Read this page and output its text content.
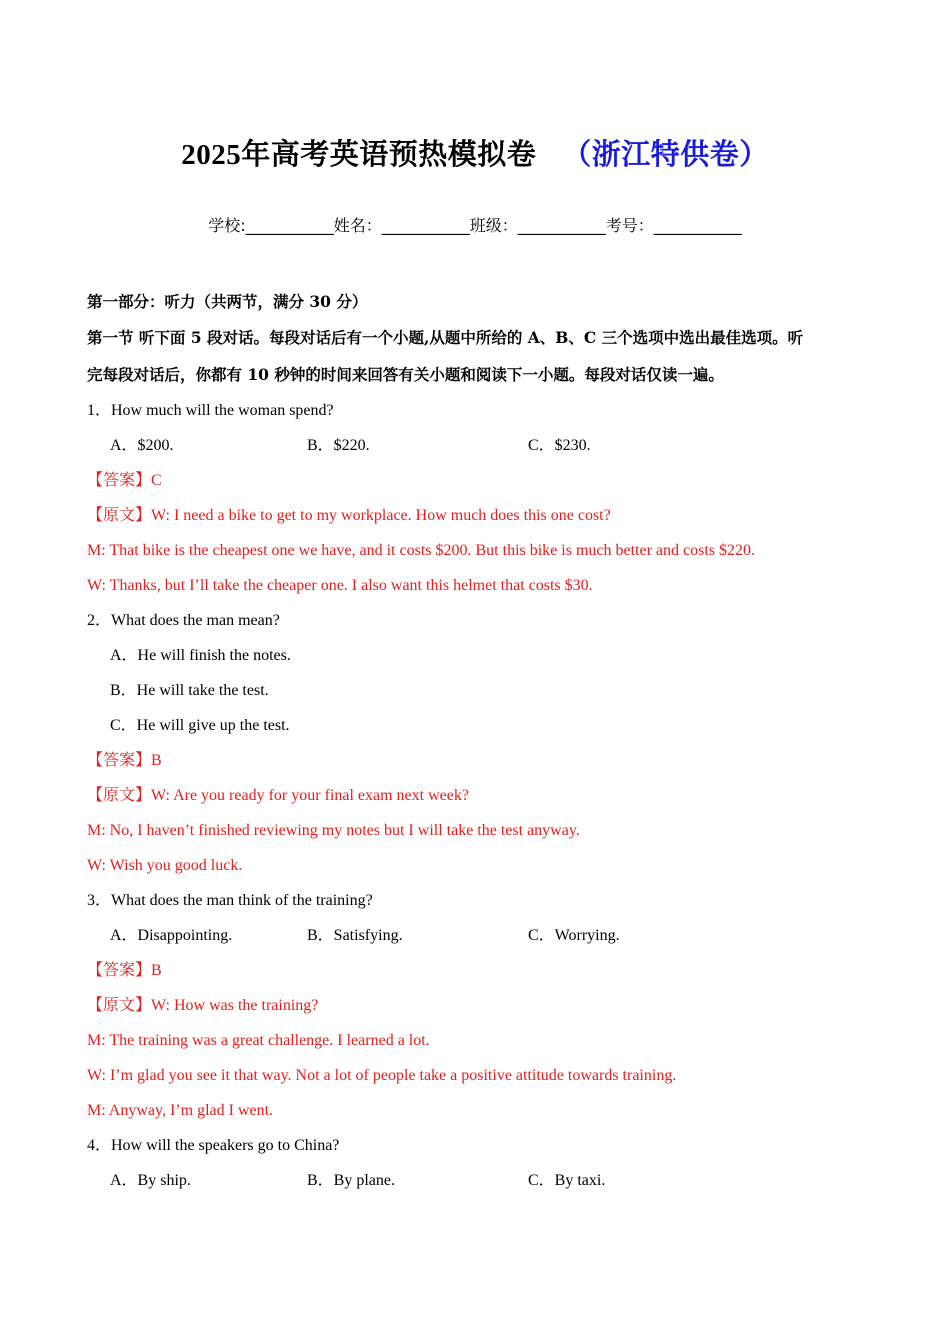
2025年高考英语预热模拟卷 （浙江特供卷）
学校:___________姓名：___________班级：___________考号：___________
第一部分：听力（共两节，满分 30 分）
第一节 听下面 5 段对话。每段对话后有一个小题,从题中所给的 A、B、C 三个选项中选出最佳选项。听
完每段对话后，你都有 10 秒钟的时间来回答有关小题和阅读下一小题。每段对话仅读一遍。
1．How much will the woman spend?
A．$200.	B．$220.	C．$230.
【答案】C
【原文】W: I need a bike to get to my workplace. How much does this one cost?
M: That bike is the cheapest one we have, and it costs $200. But this bike is much better and costs $220.
W: Thanks, but I’ll take the cheaper one. I also want this helmet that costs $30.
2．What does the man mean?
A．He will finish the notes.
B．He will take the test.
C．He will give up the test.
【答案】B
【原文】W: Are you ready for your final exam next week?
M: No, I haven’t finished reviewing my notes but I will take the test anyway.
W: Wish you good luck.
3．What does the man think of the training?
A．Disappointing.	B．Satisfying.	C．Worrying.
【答案】B
【原文】W: How was the training?
M: The training was a great challenge. I learned a lot.
W: I’m glad you see it that way. Not a lot of people take a positive attitude towards training.
M: Anyway, I’m glad I went.
4．How will the speakers go to China?
A．By ship.	B．By plane.	C．By taxi.
